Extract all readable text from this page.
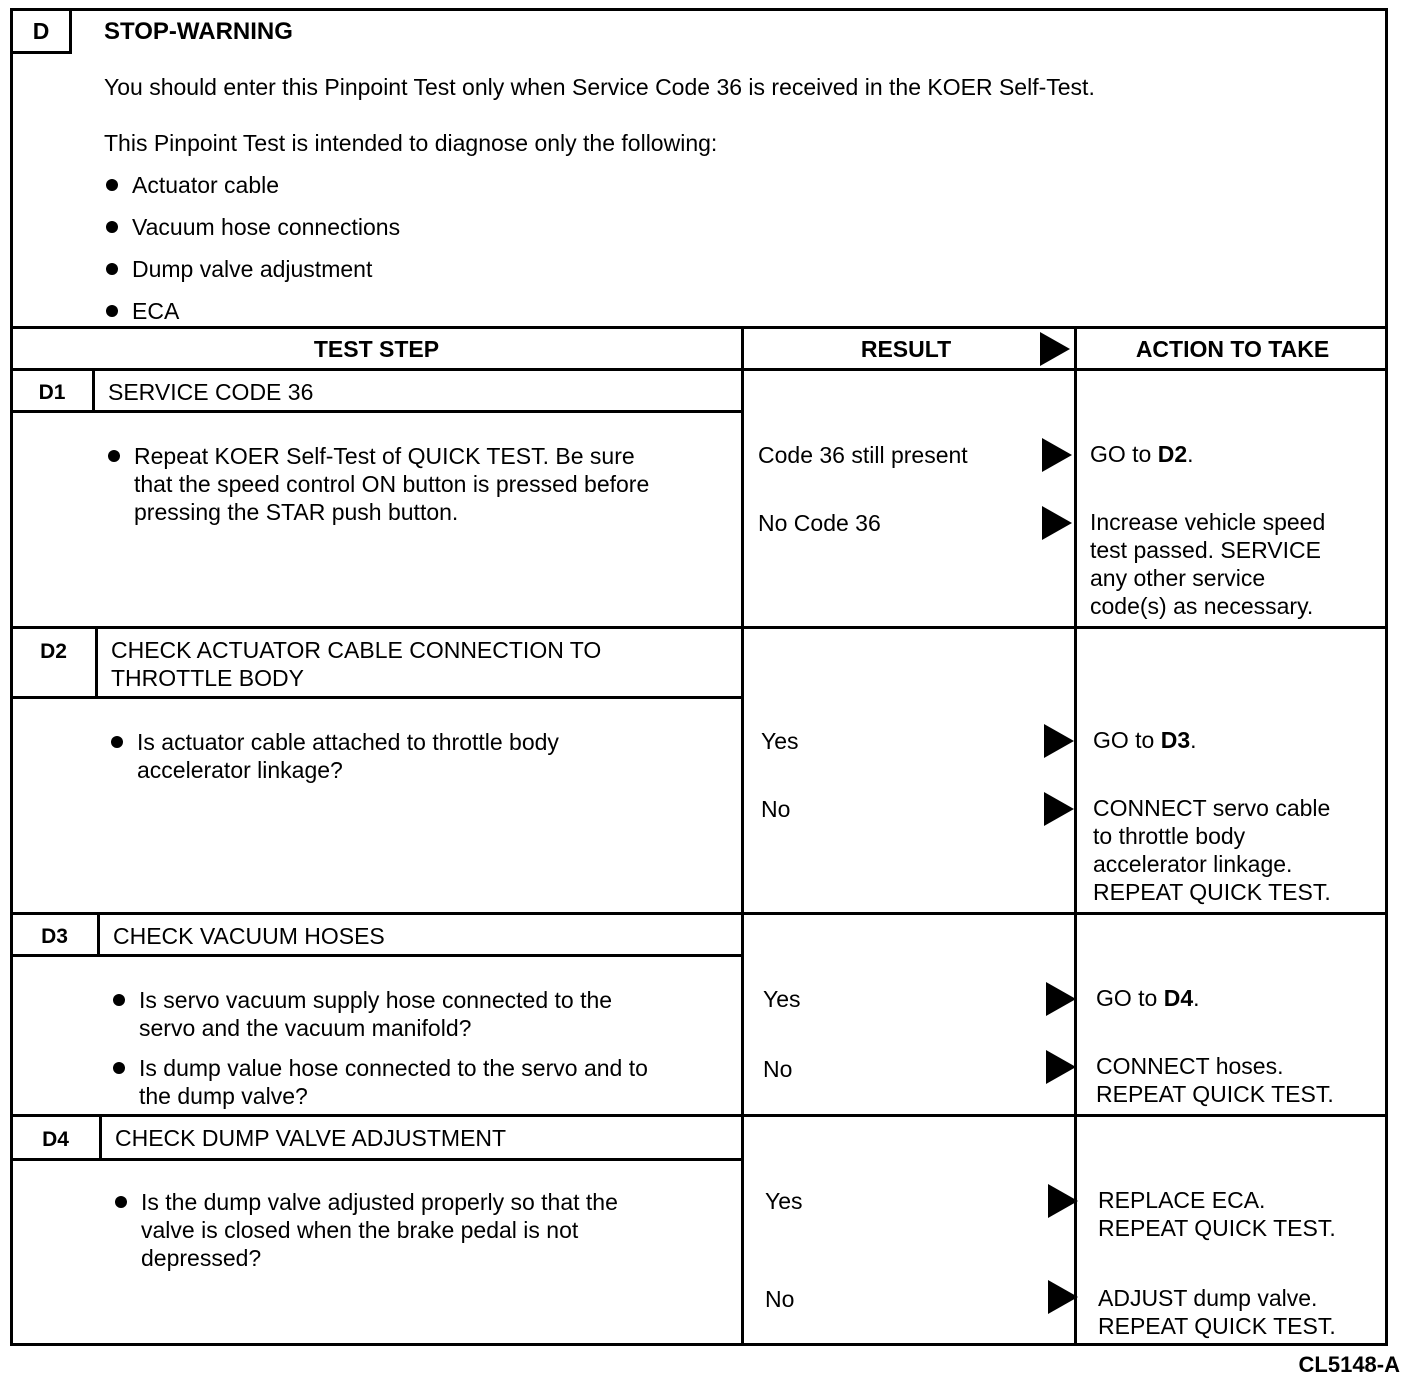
D	STOP-WARNING
You should enter this Pinpoint Test only when Service Code 36 is received in the KOER Self-Test.
This Pinpoint Test is intended to diagnose only the following:
Actuator cable
Vacuum hose connections
Dump valve adjustment
ECA
TEST STEP	RESULT	ACTION TO TAKE
D1	SERVICE CODE 36
Repeat KOER Self-Test of QUICK TEST. Be sure
that the speed control ON button is pressed before
pressing the STAR push button.
Code 36 still present	GO to D2.
No Code 36	Increase vehicle speed
test passed. SERVICE
any other service
code(s) as necessary.
D2	CHECK ACTUATOR CABLE CONNECTION TO
THROTTLE BODY
Is actuator cable attached to throttle body
accelerator linkage?
Yes	GO to D3.
No	CONNECT servo cable
to throttle body
accelerator linkage.
REPEAT QUICK TEST.
D3	CHECK VACUUM HOSES
Is servo vacuum supply hose connected to the
servo and the vacuum manifold?
Is dump value hose connected to the servo and to
the dump valve?
Yes	GO to D4.
No	CONNECT hoses.
REPEAT QUICK TEST.
D4	CHECK DUMP VALVE ADJUSTMENT
Is the dump valve adjusted properly so that the
valve is closed when the brake pedal is not
depressed?
Yes	REPLACE ECA.
REPEAT QUICK TEST.
No	ADJUST dump valve.
REPEAT QUICK TEST.
CL5148-A
